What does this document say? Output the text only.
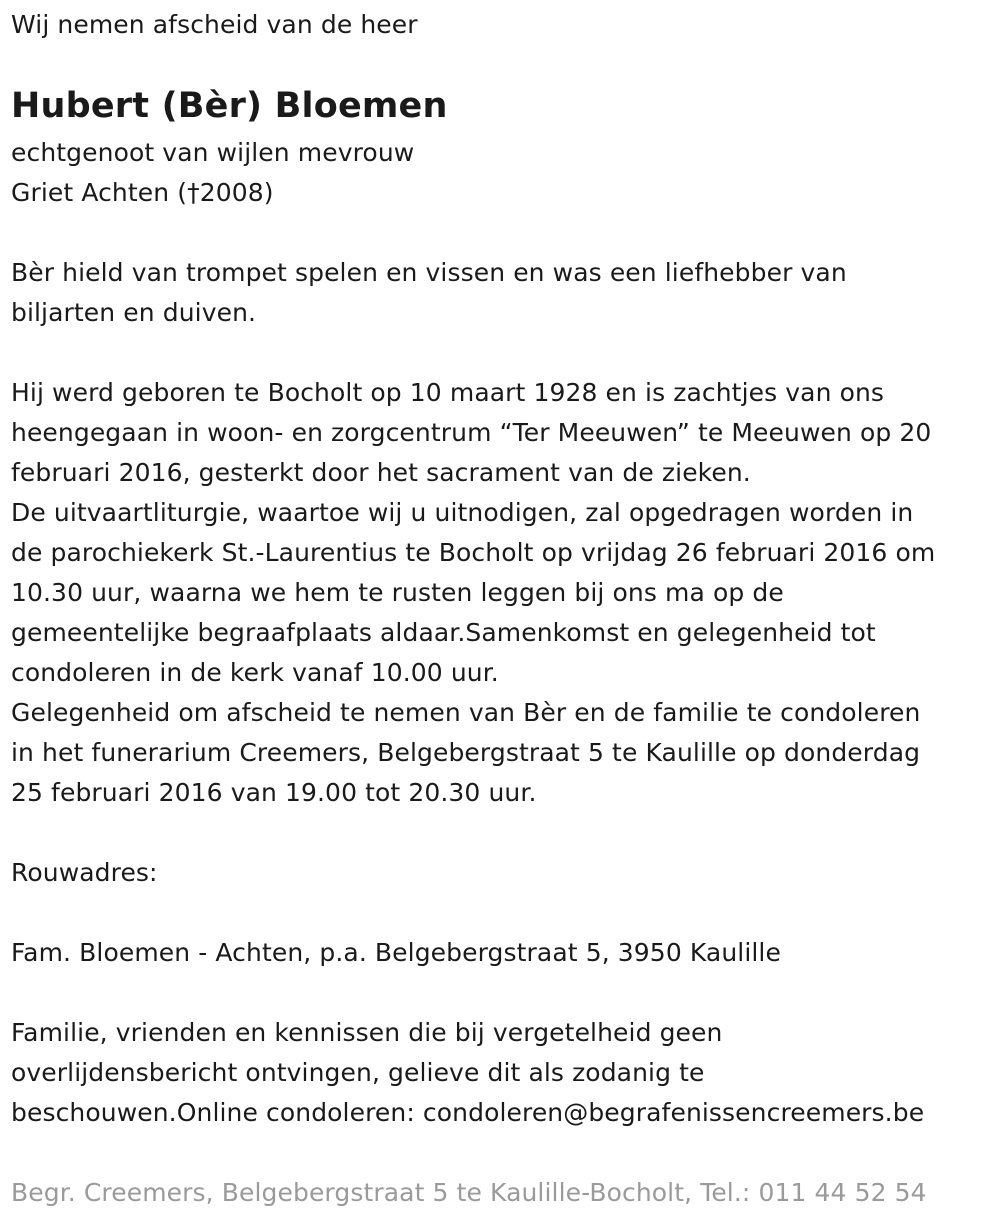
Wij nemen afscheid van de heer
Hubert (Bèr) Bloemen
echtgenoot van wijlen mevrouw
Griet Achten (†2008)
Bèr hield van trompet spelen en vissen en was een liefhebber van
biljarten en duiven.
Hij werd geboren te Bocholt op 10 maart 1928 en is zachtjes van ons
heengegaan in woon- en zorgcentrum “Ter Meeuwen” te Meeuwen op 20
februari 2016, gesterkt door het sacrament van de zieken.
De uitvaartliturgie, waartoe wij u uitnodigen, zal opgedragen worden in
de parochiekerk St.-Laurentius te Bocholt op vrijdag 26 februari 2016 om
10.30 uur, waarna we hem te rusten leggen bij ons ma op de
gemeentelijke begraafplaats aldaar.Samenkomst en gelegenheid tot
condoleren in de kerk vanaf 10.00 uur.
Gelegenheid om afscheid te nemen van Bèr en de familie te condoleren
in het funerarium Creemers, Belgebergstraat 5 te Kaulille op donderdag
25 februari 2016 van 19.00 tot 20.30 uur.
Rouwadres:
Fam. Bloemen - Achten, p.a. Belgebergstraat 5, 3950 Kaulille
Familie, vrienden en kennissen die bij vergetelheid geen
overlijdensbericht ontvingen, gelieve dit als zodanig te
beschouwen.Online condoleren: condoleren@begrafenissencreemers.be
Begr. Creemers, Belgebergstraat 5 te Kaulille-Bocholt, Tel.: 011 44 52 54
